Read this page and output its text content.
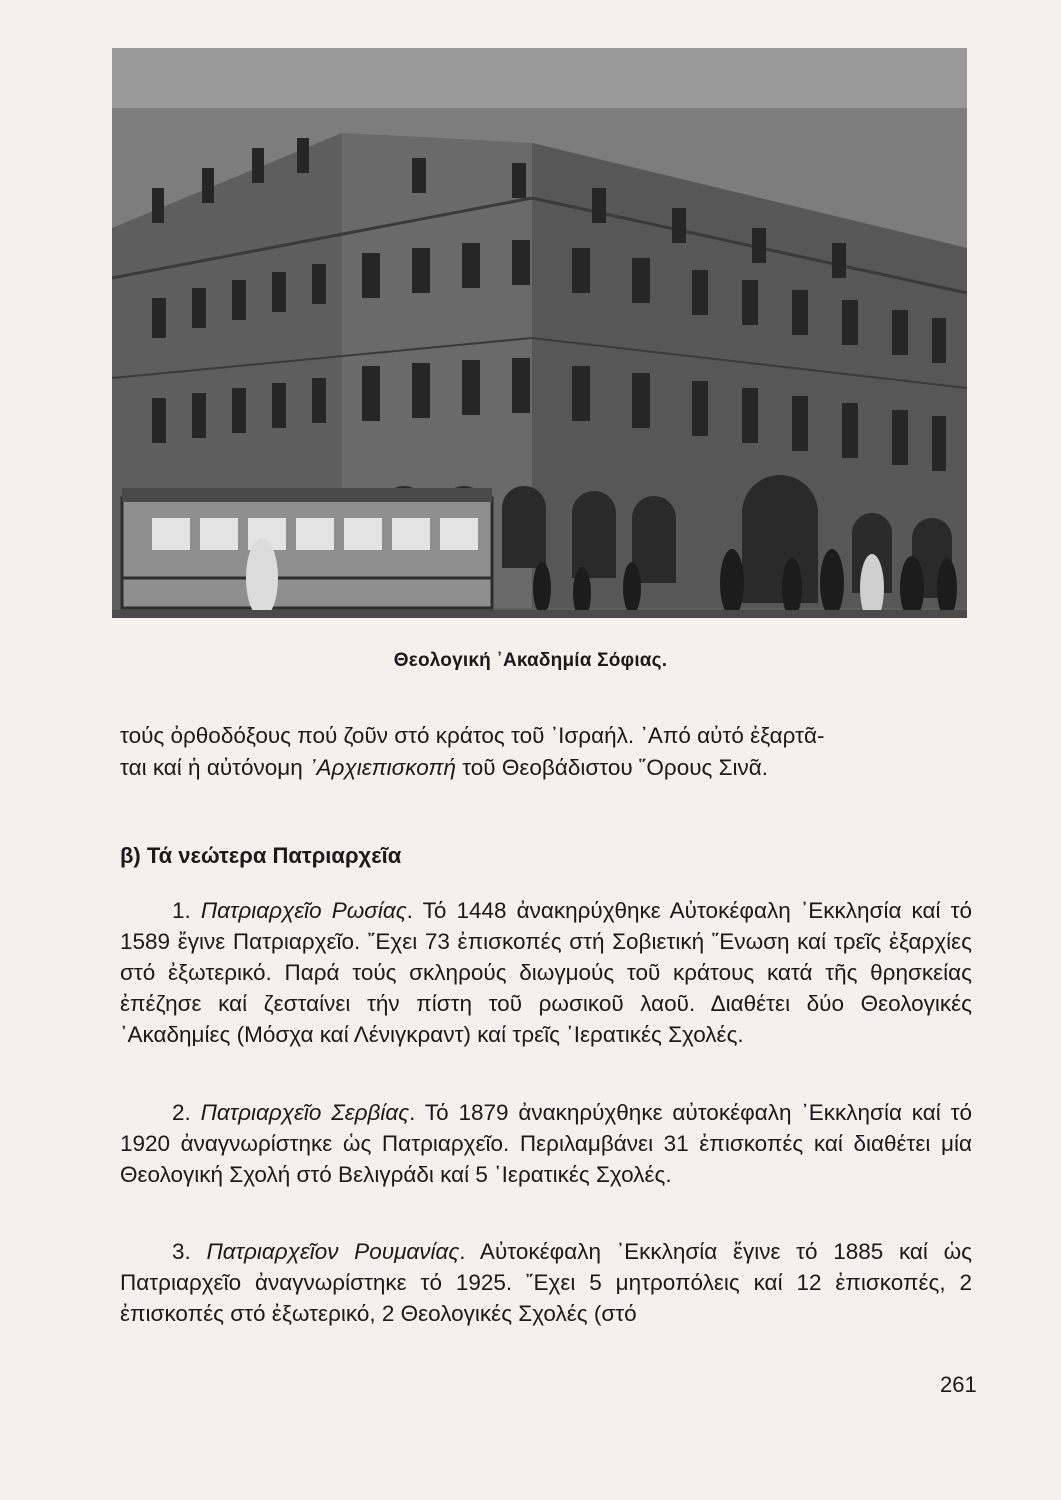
Θεολογική ᾿Ακαδημία Σόφιας.
τούς ὀρθοδόξους πού ζοῦν στό κράτος τοῦ ᾿Ισραήλ. ᾿Από αὐτό ἐξαρτᾶ-
ται καί ἡ αὐτόνομη ᾿Αρχιεπισκοπή τοῦ Θεοβάδιστου ῞Ορους Σινᾶ.
β) Τά νεώτερα Πατριαρχεῖα
1. Πατριαρχεῖο Ρωσίας. Τό 1448 ἀνακηρύχθηκε Αὐτοκέφαλη ᾿Εκκλησία καί τό 1589 ἔγινε Πατριαρχεῖο. ῎Εχει 73 ἐπισκοπές στή Σοβιετική ῞Ενωση καί τρεῖς ἐξαρχίες στό ἐξωτερικό. Παρά τούς σκληρούς διωγμούς τοῦ κράτους κατά τῆς θρησκείας ἐπέζησε καί ζεσταίνει τήν πίστη τοῦ ρωσικοῦ λαοῦ. Διαθέτει δύο Θεολογικές ᾿Ακαδημίες (Μόσχα καί Λένιγκραντ) καί τρεῖς ῾Ιερατικές Σχολές.
2. Πατριαρχεῖο Σερβίας. Τό 1879 ἀνακηρύχθηκε αὐτοκέφαλη ᾿Εκκλησία καί τό 1920 ἀναγνωρίστηκε ὡς Πατριαρχεῖο. Περιλαμβάνει 31 ἐπισκοπές καί διαθέτει μία Θεολογική Σχολή στό Βελιγράδι καί 5 ῾Ιερατικές Σχολές.
3. Πατριαρχεῖον Ρουμανίας. Αὐτοκέφαλη ᾿Εκκλησία ἔγινε τό 1885 καί ὡς Πατριαρχεῖο ἀναγνωρίστηκε τό 1925. ῎Εχει 5 μητροπόλεις καί 12 ἐπισκοπές, 2 ἐπισκοπές στό ἐξωτερικό, 2 Θεολογικές Σχολές (στό
261
